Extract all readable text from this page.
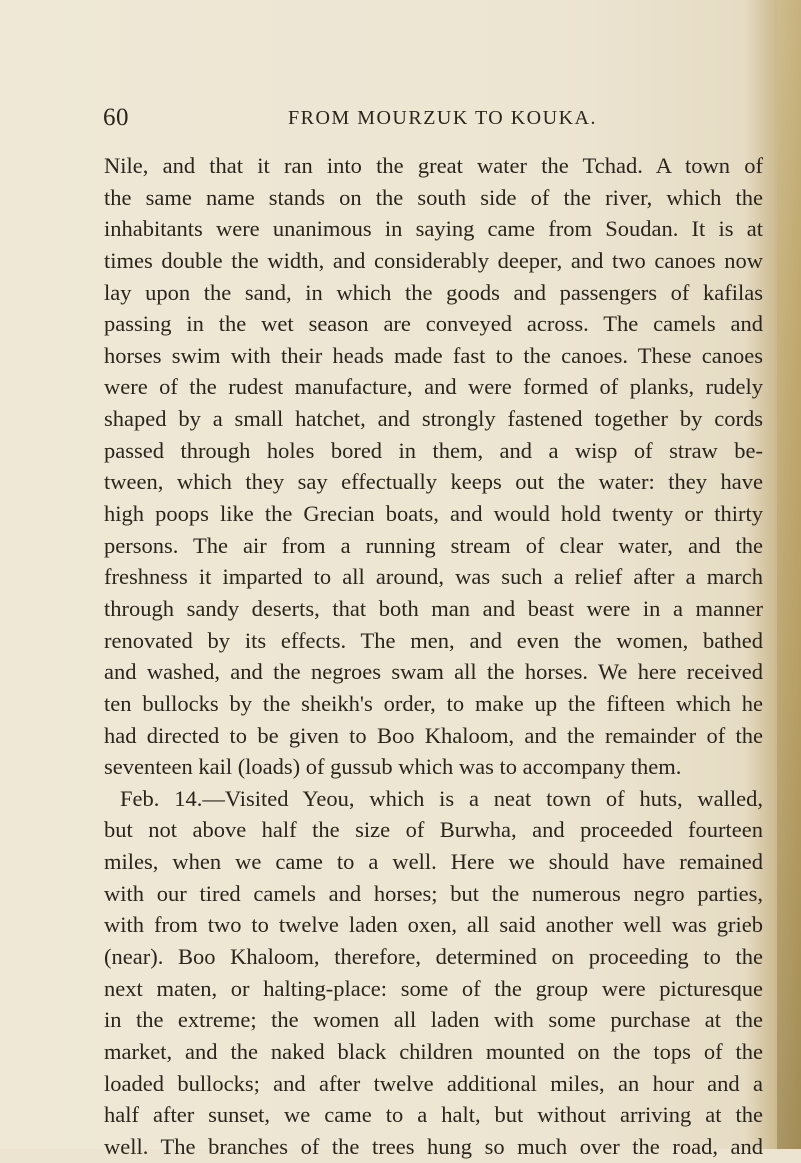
60	FROM MOURZUK TO KOUKA.
Nile, and that it ran into the great water the Tchad. A town of
the same name stands on the south side of the river, which the
inhabitants were unanimous in saying came from Soudan. It is at
times double the width, and considerably deeper, and two canoes now
lay upon the sand, in which the goods and passengers of kafilas
passing in the wet season are conveyed across. The camels and
horses swim with their heads made fast to the canoes. These canoes
were of the rudest manufacture, and were formed of planks, rudely
shaped by a small hatchet, and strongly fastened together by cords
passed through holes bored in them, and a wisp of straw be-
tween, which they say effectually keeps out the water: they have
high poops like the Grecian boats, and would hold twenty or thirty
persons. The air from a running stream of clear water, and the
freshness it imparted to all around, was such a relief after a march
through sandy deserts, that both man and beast were in a manner
renovated by its effects. The men, and even the women, bathed
and washed, and the negroes swam all the horses. We here received
ten bullocks by the sheikh's order, to make up the fifteen which he
had directed to be given to Boo Khaloom, and the remainder of the
seventeen kail (loads) of gussub which was to accompany them.
Feb. 14.—Visited Yeou, which is a neat town of huts, walled,
but not above half the size of Burwha, and proceeded fourteen
miles, when we came to a well. Here we should have remained
with our tired camels and horses; but the numerous negro parties,
with from two to twelve laden oxen, all said another well was grieb
(near). Boo Khaloom, therefore, determined on proceeding to the
next maten, or halting-place: some of the group were picturesque
in the extreme; the women all laden with some purchase at the
market, and the naked black children mounted on the tops of the
loaded bullocks; and after twelve additional miles, an hour and a
half after sunset, we came to a halt, but without arriving at the
well. The branches of the trees hung so much over the road, and
